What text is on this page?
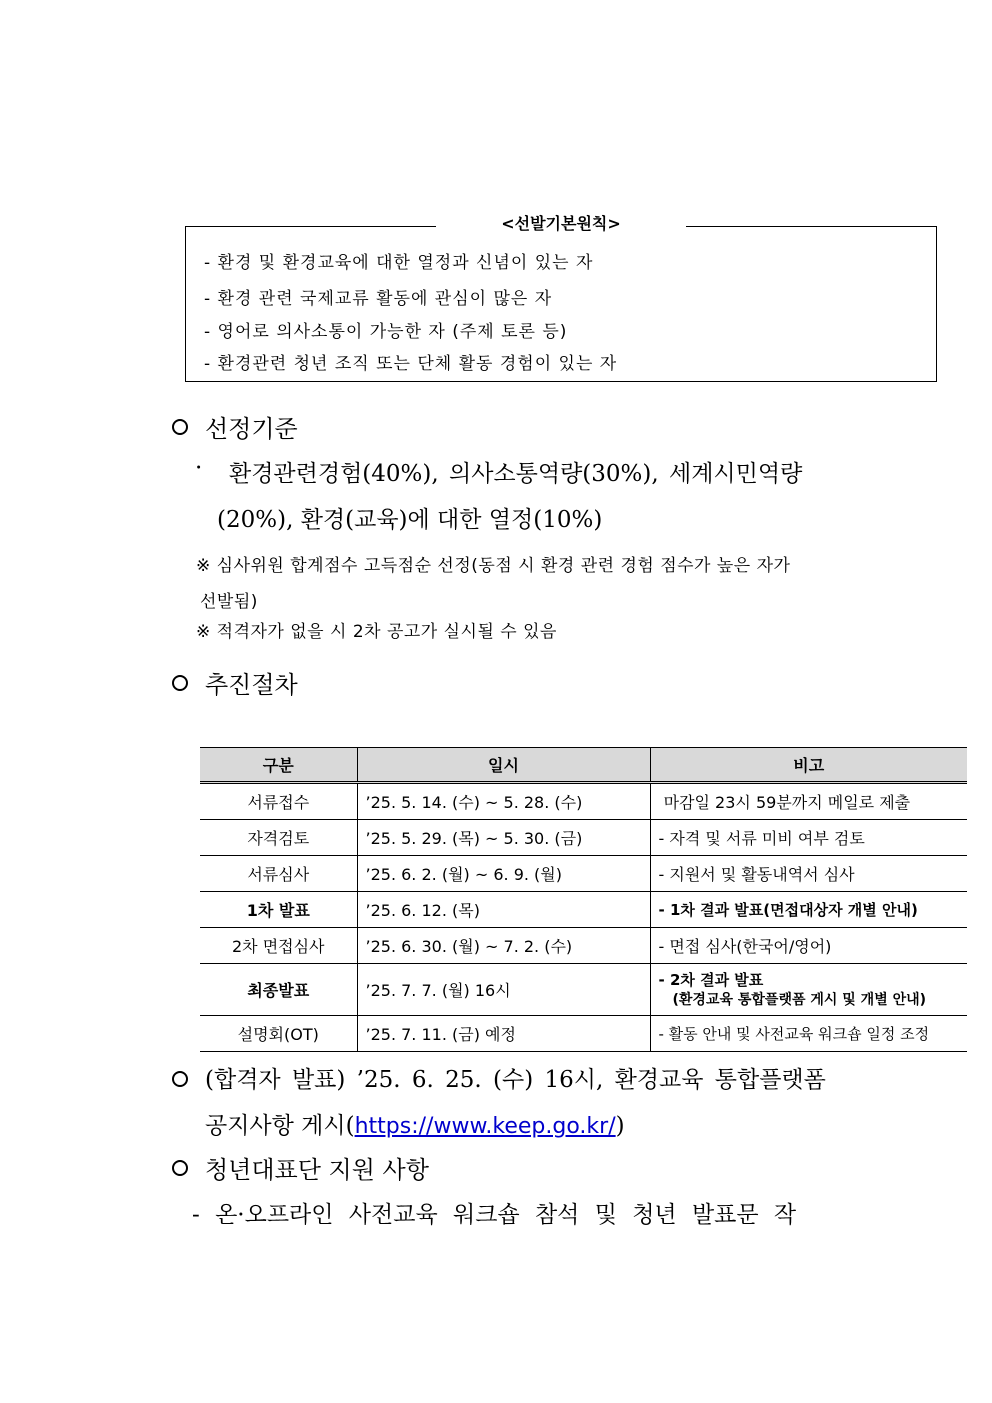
<선발기본원칙>
- 환경 및 환경교육에 대한 열정과 신념이 있는 자
- 환경 관련 국제교류 활동에 관심이 많은 자
- 영어로 의사소통이 가능한 자 (주제 토론 등)
- 환경관련 청년 조직 또는 단체 활동 경험이 있는 자
선정기준
· 환경관련경험(40%), 의사소통역량(30%), 세계시민역량
(20%), 환경(교육)에 대한 열정(10%)
※ 심사위원 합계점수 고득점순 선정(동점 시 환경 관련 경험 점수가 높은 자가
선발됨)
※ 적격자가 없을 시 2차 공고가 실시될 수 있음
추진절차
구분	일시	비고
서류접수	’25. 5. 14. (수) ~ 5. 28. (수)	마감일 23시 59분까지 메일로 제출
자격검토	’25. 5. 29. (목) ~ 5. 30. (금)	- 자격 및 서류 미비 여부 검토
서류심사	’25. 6. 2. (월) ~ 6. 9. (월)	- 지원서 및 활동내역서 심사
1차 발표	’25. 6. 12. (목)	- 1차 결과 발표(면접대상자 개별 안내)
2차 면접심사	’25. 6. 30. (월) ~ 7. 2. (수)	- 면접 심사(한국어/영어)
최종발표	’25. 7. 7. (월) 16시	- 2차 결과 발표
(환경교육 통합플랫폼 게시 및 개별 안내)

설명회(OT)	’25. 7. 11. (금) 예정	- 활동 안내 및 사전교육 워크숍 일정 조정
(합격자 발표) ’25. 6. 25. (수) 16시, 환경교육 통합플랫폼
공지사항 게시(https://www.keep.go.kr/)
청년대표단 지원 사항
- 온·오프라인 사전교육 워크숍 참석 및 청년 발표문 작
